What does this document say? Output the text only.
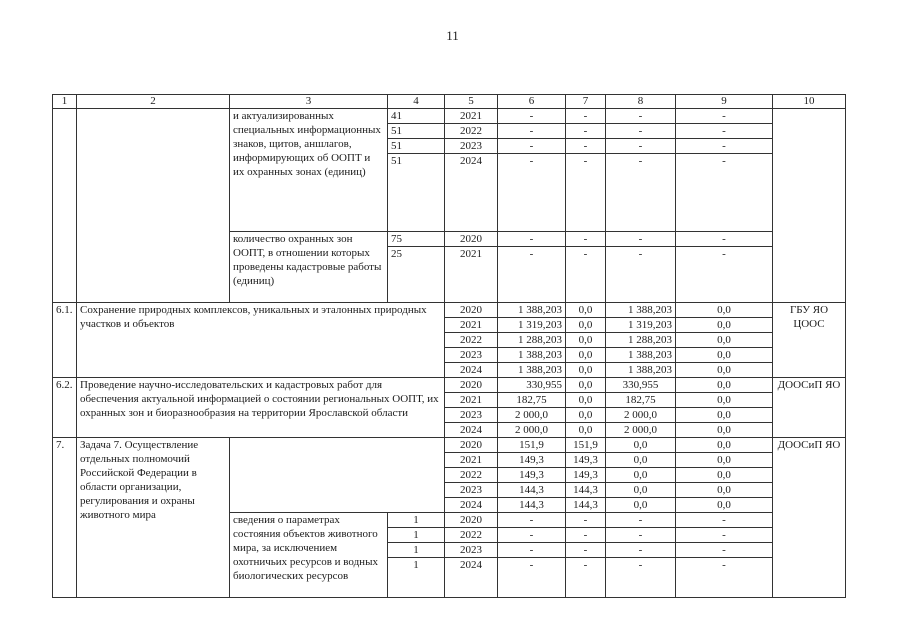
11
1	2	3	4	5	6	7	8	9	10
		и актуализированных специальных информационных знаков, щитов, аншлагов, информирующих об ООПТ и их охранных зонах (единиц)	41	2021	-	-	-	-	
			51	2022	-	-	-	-	
			51	2023	-	-	-	-	
			51	2024	-	-	-	-	
		количество охранных зон ООПТ, в отношении которых проведены кадастровые работы (единиц)	75	2020	-	-	-	-	
			25	2021	-	-	-	-	
6.1.	Сохранение природных комплексов, уникальных и эталонных природных участков и объектов			2020	1 388,203	0,0	1 388,203	0,0	ГБУ ЯО ЦООС
				2021	1 319,203	0,0	1 319,203	0,0	
				2022	1 288,203	0,0	1 288,203	0,0	
				2023	1 388,203	0,0	1 388,203	0,0	
				2024	1 388,203	0,0	1 388,203	0,0	
6.2.	Проведение научно-исследовательских и кадастровых работ для обеспечения актуальной информацией о состоянии региональных ООПТ, их охранных зон и биоразнообразия на территории Ярославской области			2020	330,955	0,0	330,955	0,0	ДООСиП ЯО
				2021	182,75	0,0	182,75	0,0	
				2023	2 000,0	0,0	2 000,0	0,0	
				2024	2 000,0	0,0	2 000,0	0,0	
7.	Задача 7. Осуществление отдельных полномочий Российской Федерации в области организации, регулирования и охраны животного мира			2020	151,9	151,9	0,0	0,0	ДООСиП ЯО
				2021	149,3	149,3	0,0	0,0	
				2022	149,3	149,3	0,0	0,0	
				2023	144,3	144,3	0,0	0,0	
				2024	144,3	144,3	0,0	0,0	
		сведения о параметрах состояния объектов животного мира, за исключением охотничьих ресурсов и водных биологических ресурсов	1	2020	-	-	-	-	
			1	2022	-	-	-	-	
			1	2023	-	-	-	-	
			1	2024	-	-	-	-	
